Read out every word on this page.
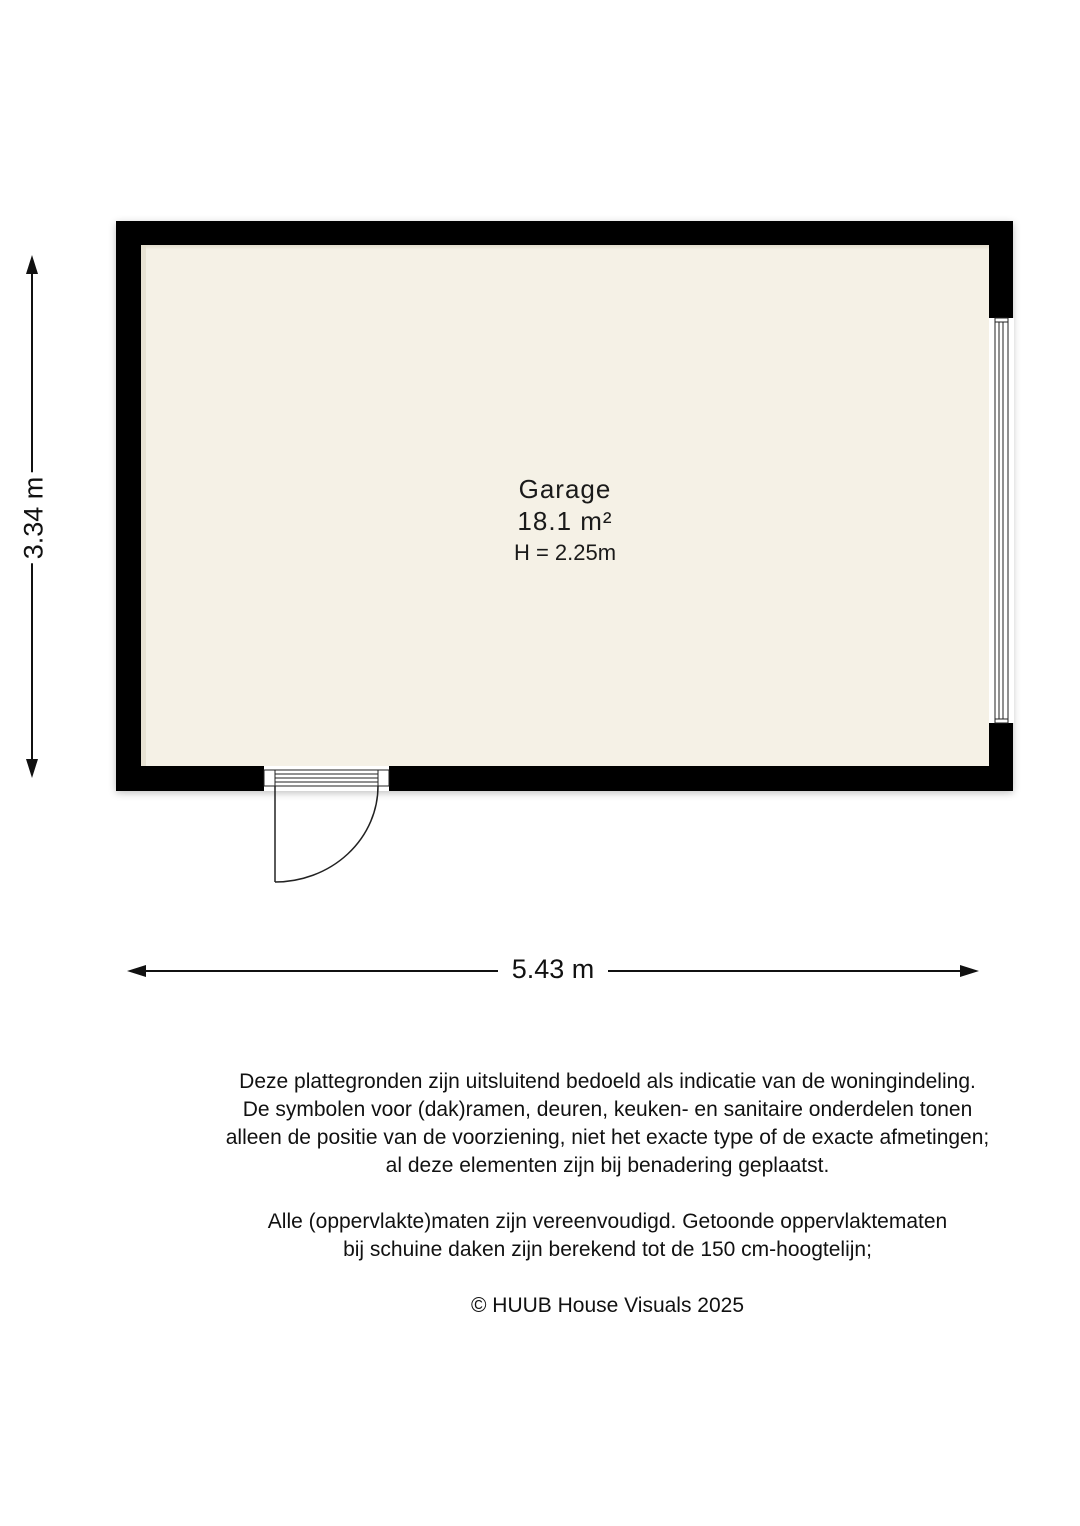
Garage
18.1 m²
H = 2.25m
5.43 m
3.34 m

Deze plattegronden zijn uitsluitend bedoeld als indicatie van de woningindeling.

De symbolen voor (dak)ramen, deuren, keuken- en sanitaire onderdelen tonen

alleen de positie van de voorziening, niet het exacte type of de exacte afmetingen;

al deze elementen zijn bij benadering geplaatst.

Alle (oppervlakte)maten zijn vereenvoudigd. Getoonde oppervlaktematen

bij schuine daken zijn berekend tot de 150 cm-hoogtelijn;

© HUUB House Visuals 2025
